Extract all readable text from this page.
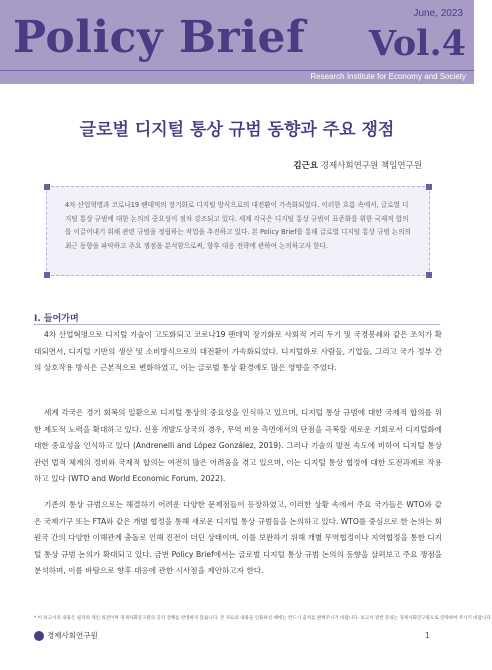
Policy Brief	June, 2023
Vol.4
Research Institute for Economy and Society
글로벌 디지털 통상 규범 동향과 주요 쟁점
김근요 경제사회연구원 책임연구원

4차 산업혁명과 코로나19 팬데믹의 장기화로 디지털 방식으로의 대전환이 가속화되었다. 이러한 흐름 속에서, 글로벌 디지털 통상 규범에 대한 논의의 중요성이 점차 강조되고 있다. 세계 각국은 디지털 통상 규범이 표준화를 위한 국제적 합의를 이끌어내기 위해 관련 규범을 정립하는 작업을 추진하고 있다. 본 Policy Brief를 통해 글로벌 디지털 통상 규범 논의의 최근 동향을 파악하고 주요 쟁점을 분석함으로써, 향후 대응 전략에 관하여 논의하고자 한다.

I. 들어가며

4차 산업혁명으로 디지털 기술이 고도화되고 코로나19 팬데믹 장기화로 사회적 거리 두기 및 국경봉쇄와 같은 조치가 확대되면서, 디지털 기반의 생산 및 소비방식으로의 대전환이 가속화되었다. 디지털화로 사람들, 기업들, 그리고 국가 정부 간의 상호작용 방식은 근본적으로 변화하였고, 이는 글로벌 통상 환경에도 많은 영향을 주었다.

세계 각국은 경기 회복의 일환으로 디지털 통상의 중요성을 인식하고 있으며, 디지털 통상 규범에 대한 국제적 합의를 위한 제도적 노력을 확대하고 있다. 신흥 개발도상국의 경우, 무역 비용 측면에서의 단점을 극복할 새로운 기회로서 디지털화에 대한 중요성을 인식하고 있다 (Andrenelli and López González, 2019). 그러나 기술의 발전 속도에 비하여 디지털 통상 관련 법적 체계의 정비와 국제적 합의는 여전히 많은 어려움을 겪고 있으며, 이는 디지털 통상 협정에 대한 도전과제로 작용하고 있다 (WTO and World Economic Forum, 2022).

기존의 통상 규범으로는 해결하기 어려운 다양한 문제점들이 등장하였고, 이러한 상황 속에서 주요 국가들은 WTO와 같은 국제기구 또는 FTA와 같은 개별 협정을 통해 새로운 디지털 통상 규범들을 논의하고 있다. WTO를 중심으로 한 논의는 회원국 간의 다양한 이해관계 충돌로 인해 진전이 더딘 상태이며, 이를 보완하기 위해 개별 무역협정이나 지역협정을 통한 디지털 통상 규범 논의가 확대되고 있다. 금번 Policy Brief에서는 글로벌 디지털 통상 규범 논의의 동향을 살펴보고 주요 쟁점을 분석하며, 이를 바탕으로 향후 대응에 관한 시사점을 제안하고자 한다.

* 이 보고서의 내용은 필자의 개인 의견이며 경제사회연구원의 공식 견해를 반영하지 않습니다. 본 자료의 내용을 인용하실 때에는 반드시 출처를 밝혀주시기 바랍니다. 보고서 관련 문의는 경제사회연구원으로 연락하여 주시기 바랍니다.
경제사회연구원	1
